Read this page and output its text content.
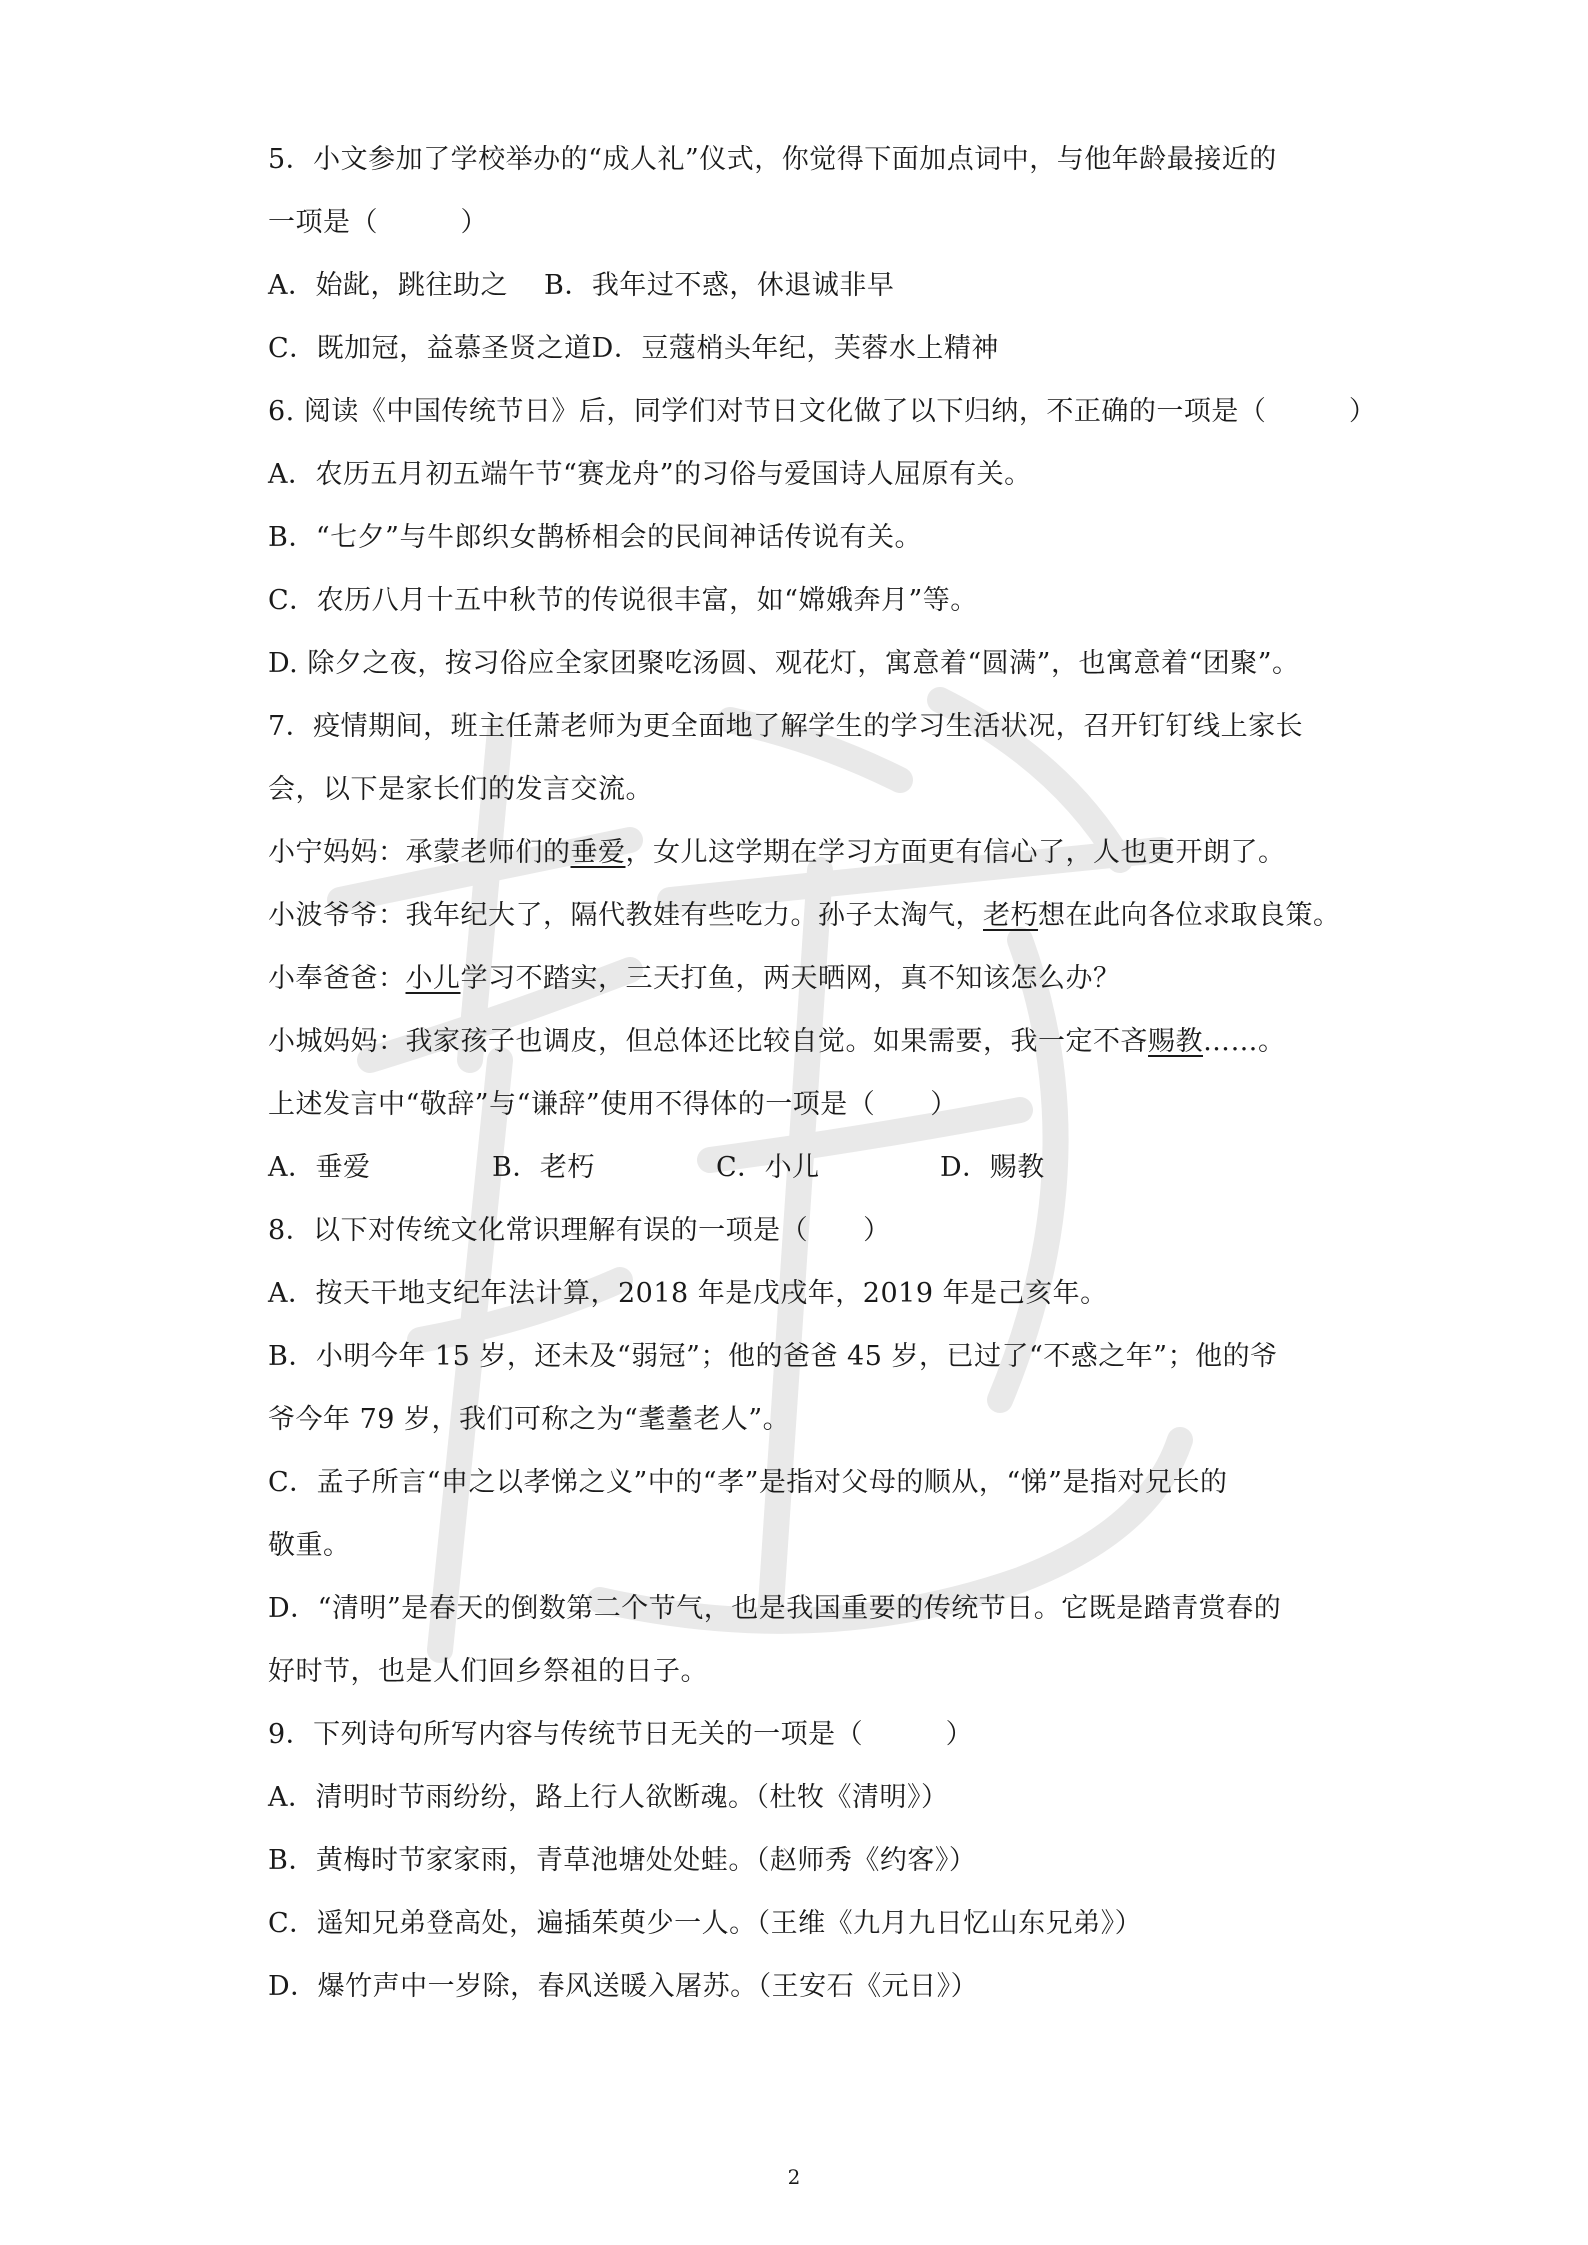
5．小文参加了学校举办的“成人礼”仪式，你觉得下面加点词中，与他年龄最接近的
一项是（　　　）
A．始龀，跳往助之 B．我年过不惑，休退诚非早
C．既加冠，益慕圣贤之道D．豆蔻梢头年纪，芙蓉水上精神
6. 阅读《中国传统节日》后，同学们对节日文化做了以下归纳，不正确的一项是（　　　）
A．农历五月初五端午节“赛龙舟”的习俗与爱国诗人屈原有关。
B．“七夕”与牛郎织女鹊桥相会的民间神话传说有关。
C．农历八月十五中秋节的传说很丰富，如“嫦娥奔月”等。
D. 除夕之夜，按习俗应全家团聚吃汤圆、观花灯，寓意着“圆满”，也寓意着“团聚”。
7．疫情期间，班主任萧老师为更全面地了解学生的学习生活状况，召开钉钉线上家长
会，以下是家长们的发言交流。
小宁妈妈：承蒙老师们的垂爱，女儿这学期在学习方面更有信心了，人也更开朗了。
小波爷爷：我年纪大了，隔代教娃有些吃力。孙子太淘气，老朽想在此向各位求取良策。
小奉爸爸：小儿学习不踏实，三天打鱼，两天晒网，真不知该怎么办？
小城妈妈：我家孩子也调皮，但总体还比较自觉。如果需要，我一定不吝赐教……。
上述发言中“敬辞”与“谦辞”使用不得体的一项是（　　）
A．垂爱	B．老朽	C．小儿	D．赐教
8．以下对传统文化常识理解有误的一项是（　　）
A．按天干地支纪年法计算，2018 年是戊戌年，2019 年是己亥年。
B．小明今年 15 岁，还未及“弱冠”；他的爸爸 45 岁，已过了“不惑之年”；他的爷
爷今年 79 岁，我们可称之为“耄耋老人”。
C．孟子所言“申之以孝悌之义”中的“孝”是指对父母的顺从，“悌”是指对兄长的
敬重。
D．“清明”是春天的倒数第二个节气，也是我国重要的传统节日。它既是踏青赏春的
好时节，也是人们回乡祭祖的日子。
9．下列诗句所写内容与传统节日无关的一项是（　　　）
A．清明时节雨纷纷，路上行人欲断魂。（杜牧《清明》）
B．黄梅时节家家雨，青草池塘处处蛙。（赵师秀《约客》）
C．遥知兄弟登高处，遍插茱萸少一人。（王维《九月九日忆山东兄弟》）
D．爆竹声中一岁除，春风送暖入屠苏。（王安石《元日》）
2
